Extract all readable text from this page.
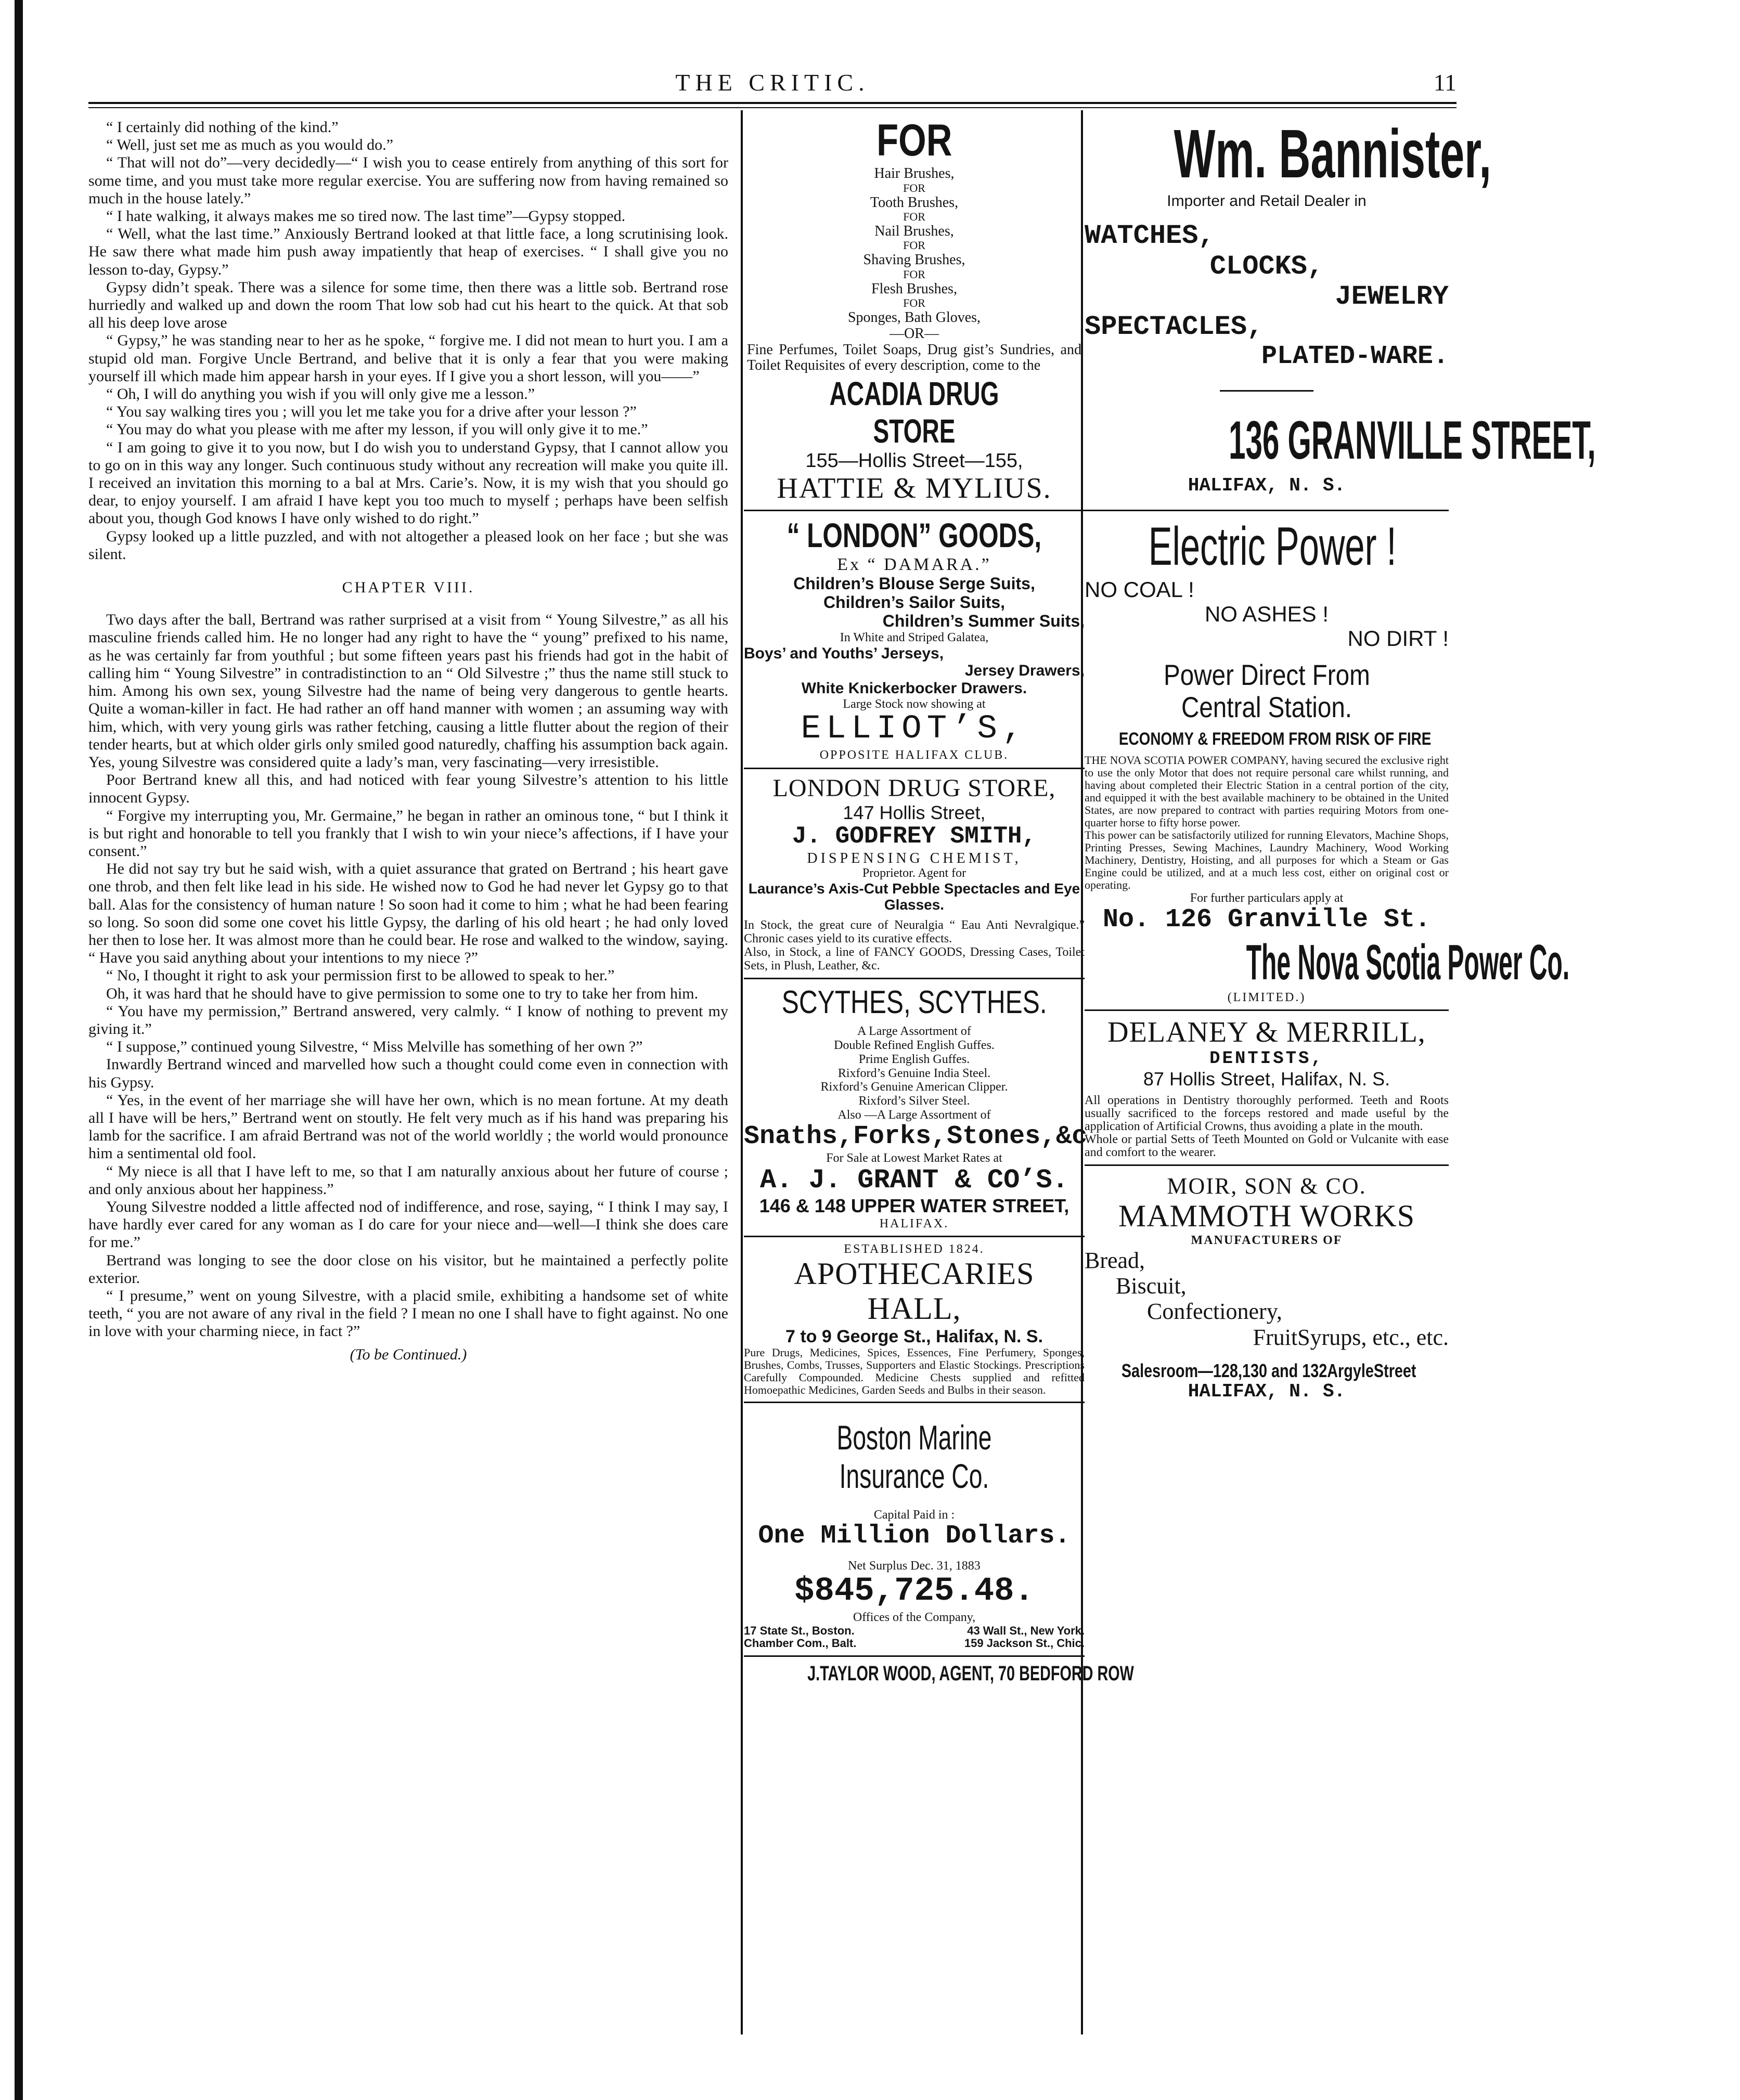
THE CRITIC.	11

“ I certainly did nothing of the kind.”

“ Well, just set me as much as you would do.”

“ That will not do”—very decidedly—“ I wish you to cease entirely from anything of this sort for some time, and you must take more regular exercise. You are suffering now from having remained so much in the house lately.”

“ I hate walking, it always makes me so tired now. The last time”—Gypsy stopped.

“ Well, what the last time.” Anxiously Bertrand looked at that little face, a long scrutinising look. He saw there what made him push away impatiently that heap of exercises. “ I shall give you no lesson to-day, Gypsy.”

Gypsy didn’t speak. There was a silence for some time, then there was a little sob. Bertrand rose hurriedly and walked up and down the room That low sob had cut his heart to the quick. At that sob all his deep love arose

“ Gypsy,” he was standing near to her as he spoke, “ forgive me. I did not mean to hurt you. I am a stupid old man. Forgive Uncle Bertrand, and belive that it is only a fear that you were making yourself ill which made him appear harsh in your eyes. If I give you a short lesson, will you——”

“ Oh, I will do anything you wish if you will only give me a lesson.”

“ You say walking tires you ; will you let me take you for a drive after your lesson ?”

“ You may do what you please with me after my lesson, if you will only give it to me.”

“ I am going to give it to you now, but I do wish you to understand Gypsy, that I cannot allow you to go on in this way any longer. Such continuous study without any recreation will make you quite ill. I received an invitation this morning to a bal at Mrs. Carie’s. Now, it is my wish that you should go dear, to enjoy yourself. I am afraid I have kept you too much to myself ; perhaps have been selfish about you, though God knows I have only wished to do right.”

Gypsy looked up a little puzzled, and with not altogether a pleased look on her face ; but she was silent.

CHAPTER VIII.

Two days after the ball, Bertrand was rather surprised at a visit from “ Young Silvestre,” as all his masculine friends called him. He no longer had any right to have the “ young” prefixed to his name, as he was certainly far from youthful ; but some fifteen years past his friends had got in the habit of calling him “ Young Silvestre” in contradistinction to an “ Old Silvestre ;” thus the name still stuck to him. Among his own sex, young Silvestre had the name of being very dangerous to gentle hearts. Quite a woman-killer in fact. He had rather an off hand manner with women ; an assuming way with him, which, with very young girls was rather fetching, causing a little flutter about the region of their tender hearts, but at which older girls only smiled good naturedly, chaffing his assumption back again. Yes, young Silvestre was considered quite a lady’s man, very fascinating—very irresistible.

Poor Bertrand knew all this, and had noticed with fear young Silvestre’s attention to his little innocent Gypsy.

“ Forgive my interrupting you, Mr. Germaine,” he began in rather an ominous tone, “ but I think it is but right and honorable to tell you frankly that I wish to win your niece’s affections, if I have your consent.”

He did not say try but he said wish, with a quiet assurance that grated on Bertrand ; his heart gave one throb, and then felt like lead in his side. He wished now to God he had never let Gypsy go to that ball. Alas for the consistency of human nature ! So soon had it come to him ; what he had been fearing so long. So soon did some one covet his little Gypsy, the darling of his old heart ; he had only loved her then to lose her. It was almost more than he could bear. He rose and walked to the window, saying. “ Have you said anything about your intentions to my niece ?”

“ No, I thought it right to ask your permission first to be allowed to speak to her.”

Oh, it was hard that he should have to give permission to some one to try to take her from him.

“ You have my permission,” Bertrand answered, very calmly. “ I know of nothing to prevent my giving it.”

“ I suppose,” continued young Silvestre, “ Miss Melville has something of her own ?”

Inwardly Bertrand winced and marvelled how such a thought could come even in connection with his Gypsy.

“ Yes, in the event of her marriage she will have her own, which is no mean fortune. At my death all I have will be hers,” Bertrand went on stoutly. He felt very much as if his hand was preparing his lamb for the sacrifice. I am afraid Bertrand was not of the world worldly ; the world would pronounce him a sentimental old fool.

“ My niece is all that I have left to me, so that I am naturally anxious about her future of course ; and only anxious about her happiness.”

Young Silvestre nodded a little affected nod of indifference, and rose, saying, “ I think I may say, I have hardly ever cared for any woman as I do care for your niece and—well—I think she does care for me.”

Bertrand was longing to see the door close on his visitor, but he maintained a perfectly polite exterior.

“ I presume,” went on young Silvestre, with a placid smile, exhibiting a handsome set of white teeth, “ you are not aware of any rival in the field ? I mean no one I shall have to fight against. No one in love with your charming niece, in fact ?”

(To be Continued.)

FOR
Hair Brushes,
FOR
Tooth Brushes,
FOR
Nail Brushes,
FOR
Shaving Brushes,
FOR
Flesh Brushes,
FOR
Sponges, Bath Gloves,
—OR—
Fine Perfumes, Toilet Soaps, Drug gist’s Sundries, and Toilet Requisites of every description, come to the
ACADIA DRUG STORE
155—Hollis Street—155,
HATTIE & MYLIUS.
“ LONDON” GOODS,
Ex “ DAMARA.”
Children’s Blouse Serge Suits, Children’s Sailor Suits,
Children’s Summer Suits,
In White and Striped Galatea,
Boys’ and Youths’ Jerseys,
Jersey Drawers,
White Knickerbocker Drawers.
Large Stock now showing at
ELLIOT’S,
OPPOSITE HALIFAX CLUB.
LONDON DRUG STORE,
147 Hollis Street,
J. GODFREY SMITH,
DISPENSING CHEMIST,
Proprietor. Agent for
Laurance’s Axis-Cut Pebble Spectacles and Eye Glasses.
In Stock, the great cure of Neuralgia “ Eau Anti Nevralgique.” Chronic cases yield to its curative effects.
Also, in Stock, a line of FANCY GOODS, Dressing Cases, Toilet Sets, in Plush, Leather, &c.
SCYTHES, SCYTHES.
A Large Assortment of
Double Refined English Guffes.
Prime English Guffes.
Rixford’s Genuine India Steel.
Rixford’s Genuine American Clipper.
Rixford’s Silver Steel.
Also —A Large Assortment of
Snaths,Forks,Stones,&c
For Sale at Lowest Market Rates at
A. J. GRANT & CO’S.
146 & 148 UPPER WATER STREET,
HALIFAX.
ESTABLISHED 1824.
APOTHECARIES HALL,
7 to 9 George St., Halifax, N. S.
Pure Drugs, Medicines, Spices, Essences, Fine Perfumery, Sponges, Brushes, Combs, Trusses, Supporters and Elastic Stockings. Prescriptions Carefully Compounded. Medicine Chests supplied and refitted Homoepathic Medicines, Garden Seeds and Bulbs in their season.
Boston Marine Insurance Co.
Capital Paid in :
One Million Dollars.
Net Surplus Dec. 31, 1883
$845,725.48.
Offices of the Company,
17 State St., Boston.	43 Wall St., New York.
Chamber Com., Balt.	159 Jackson St., Chic.
J.TAYLOR WOOD, AGENT, 70 BEDFORD ROW
Wm. Bannister, Importer and Retail Dealer in
WATCHES,
CLOCKS,
JEWELRY
SPECTACLES,
PLATED-WARE.
136 GRANVILLE STREET,
HALIFAX, N. S.
Electric Power !
NO COAL !
NO ASHES !
NO DIRT !
Power Direct From Central Station. ECONOMY & FREEDOM FROM RISK OF FIRE
THE NOVA SCOTIA POWER COMPANY, having secured the exclusive right to use the only Motor that does not require personal care whilst running, and having about completed their Electric Station in a central portion of the city, and equipped it with the best available machinery to be obtained in the United States, are now prepared to contract with parties requiring Motors from one-quarter horse to fifty horse power.
This power can be satisfactorily utilized for running Elevators, Machine Shops, Printing Presses, Sewing Machines, Laundry Machinery, Wood Working Machinery, Dentistry, Hoisting, and all purposes for which a Steam or Gas Engine could be utilized, and at a much less cost, either on original cost or operating.
For further particulars apply at
No. 126 Granville St.
The Nova Scotia Power Co.
(LIMITED.)
DELANEY & MERRILL,
DENTISTS,
87 Hollis Street, Halifax, N. S.
All operations in Dentistry thoroughly performed. Teeth and Roots usually sacrificed to the forceps restored and made useful by the application of Artificial Crowns, thus avoiding a plate in the mouth.
Whole or partial Setts of Teeth Mounted on Gold or Vulcanite with ease and comfort to the wearer.
MOIR, SON & CO.
MAMMOTH WORKS
MANUFACTURERS OF
Bread,
Biscuit,
Confectionery,
FruitSyrups, etc., etc.
Salesroom—128,130 and 132ArgyleStreet
HALIFAX, N. S.
